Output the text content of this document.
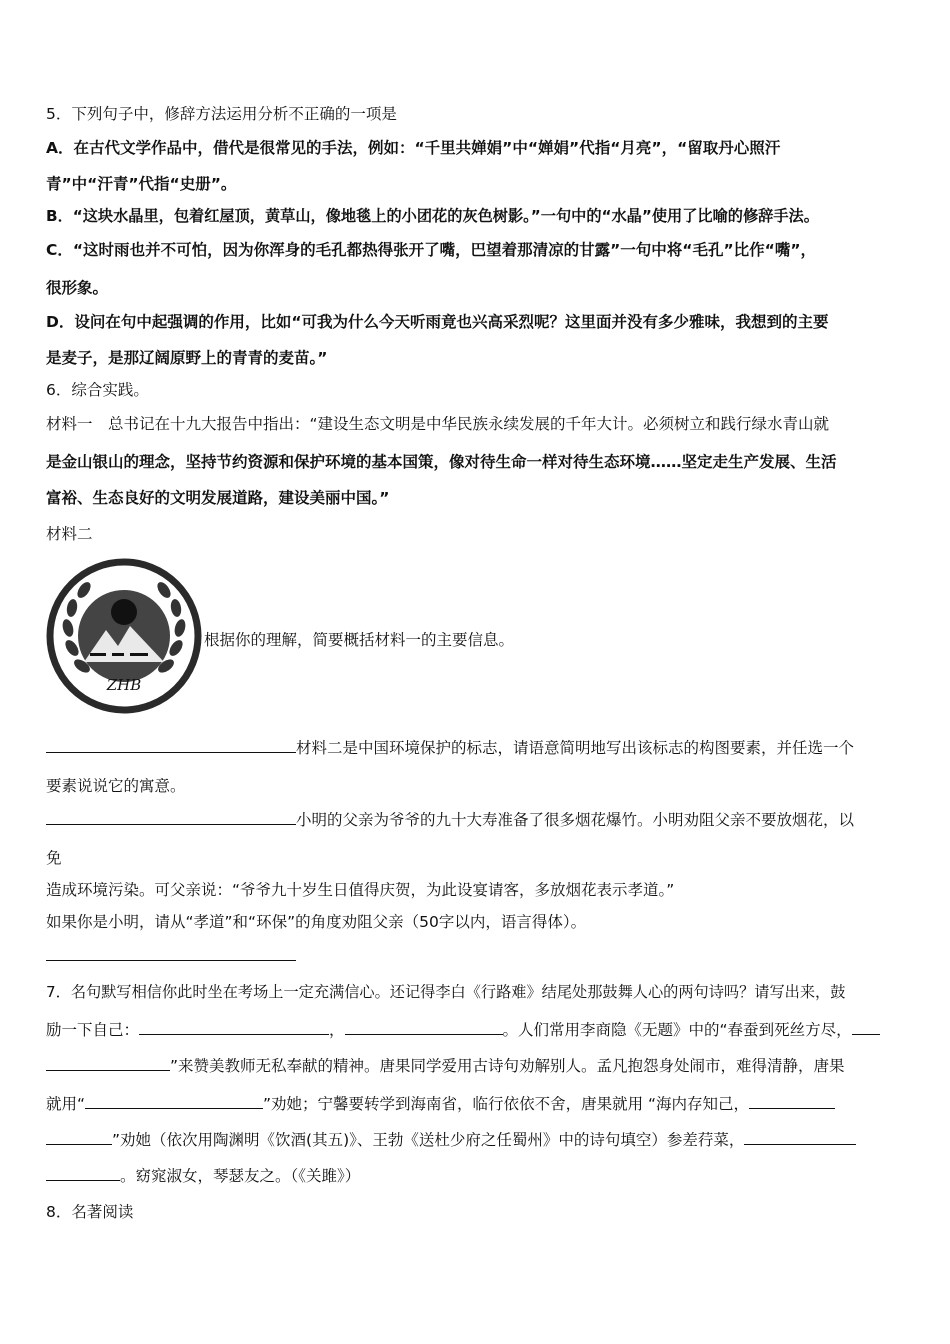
5．下列句子中，修辞方法运用分析不正确的一项是
A．在古代文学作品中，借代是很常见的手法，例如：“千里共婵娟”中“婵娟”代指“月亮”，“留取丹心照汗
青”中“汗青”代指“史册”。
B．“这块水晶里，包着红屋顶，黄草山，像地毯上的小团花的灰色树影。”一句中的“水晶”使用了比喻的修辞手法。
C．“这时雨也并不可怕，因为你浑身的毛孔都热得张开了嘴，巴望着那清凉的甘露”一句中将“毛孔”比作“嘴”，
很形象。
D．设问在句中起强调的作用，比如“可我为什么今天听雨竟也兴高采烈呢？这里面并没有多少雅味，我想到的主要
是麦子，是那辽阔原野上的青青的麦苗。”
6．综合实践。
材料一　总书记在十九大报告中指出：“建设生态文明是中华民族永续发展的千年大计。必须树立和践行绿水青山就
是金山银山的理念，坚持节约资源和保护环境的基本国策，像对待生命一样对待生态环境……坚定走生产发展、生活
富裕、生态良好的文明发展道路，建设美丽中国。”
材料二
ZHB
根据你的理解，简要概括材料一的主要信息。
材料二是中国环境保护的标志，请语意简明地写出该标志的构图要素，并任选一个
要素说说它的寓意。
小明的父亲为爷爷的九十大寿准备了很多烟花爆竹。小明劝阻父亲不要放烟花，以
免
造成环境污染。可父亲说：“爷爷九十岁生日值得庆贺，为此设宴请客，多放烟花表示孝道。”
如果你是小明，请从“孝道”和“环保”的角度劝阻父亲（50字以内，语言得体）。
7．名句默写相信你此时坐在考场上一定充满信心。还记得李白《行路难》结尾处那鼓舞人心的两句诗吗？请写出来，鼓
励一下自己：	，	。人们常用李商隐《无题》中的“春蚕到死丝方尽，
”来赞美教师无私奉献的精神。唐果同学爱用古诗句劝解别人。孟凡抱怨身处闹市，难得清静，唐果
就用“	”劝她；宁馨要转学到海南省，临行依依不舍，唐果就用 “海内存知己，
”劝她（依次用陶渊明《饮酒(其五)》、王勃《送杜少府之任蜀州》中的诗句填空）参差荇菜，
。窈窕淑女，琴瑟友之。（《关雎》）
8．名著阅读
